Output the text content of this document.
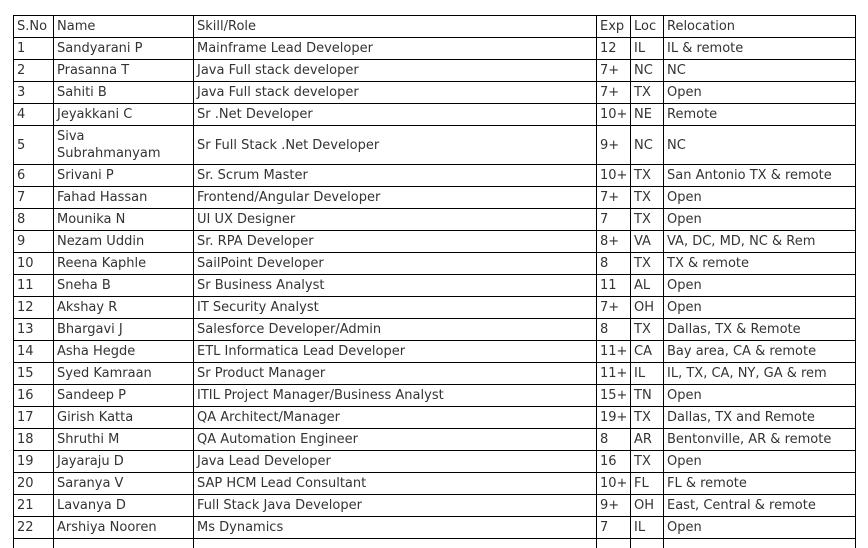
S.No	Name	Skill/Role	Exp	Loc	Relocation
1	Sandyarani P	Mainframe Lead Developer	12	IL	IL & remote
2	Prasanna T	Java Full stack developer	7+	NC	NC
3	Sahiti B	Java Full stack developer	7+	TX	Open
4	Jeyakkani C	Sr .Net Developer	10+	NE	Remote
5	Siva Subrahmanyam	Sr Full Stack .Net Developer	9+	NC	NC
6	Srivani P	Sr. Scrum Master	10+	TX	San Antonio TX & remote
7	Fahad Hassan	Frontend/Angular Developer	7+	TX	Open
8	Mounika N	UI UX Designer	7	TX	Open
9	Nezam Uddin	Sr. RPA Developer	8+	VA	VA, DC, MD, NC & Rem
10	Reena Kaphle	SailPoint Developer	8	TX	TX & remote
11	Sneha B	Sr Business Analyst	11	AL	Open
12	Akshay R	IT Security Analyst	7+	OH	Open
13	Bhargavi J	Salesforce Developer/Admin	8	TX	Dallas, TX & Remote
14	Asha Hegde	ETL Informatica Lead Developer	11+	CA	Bay area, CA & remote
15	Syed Kamraan	Sr Product Manager	11+	IL	IL, TX, CA, NY, GA & rem
16	Sandeep P	ITIL Project Manager/Business Analyst	15+	TN	Open
17	Girish Katta	QA Architect/Manager	19+	TX	Dallas, TX and Remote
18	Shruthi M	QA Automation Engineer	8	AR	Bentonville, AR & remote
19	Jayaraju D	Java Lead Developer	16	TX	Open
20	Saranya V	SAP HCM Lead Consultant	10+	FL	FL & remote
21	Lavanya D	Full Stack Java Developer	9+	OH	East, Central & remote
22	Arshiya Nooren	Ms Dynamics	7	IL	Open
